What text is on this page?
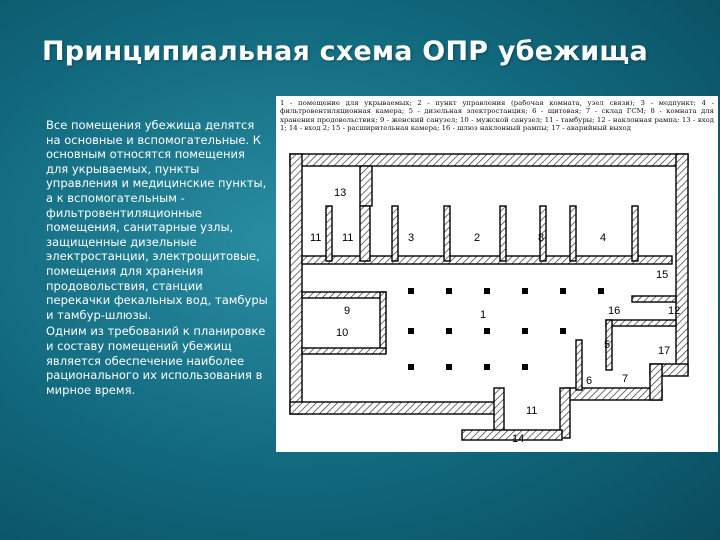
Принципиальная схема ОПР убежища

Все помещения убежища делятся на основные и вспомогательные. К основным относятся помещения для укрываемых, пункты управления и медицинские пункты, а к вспомогательным - фильтровентиляционные помещения, санитарные узлы, защищенные дизельные электростанции, электрощитовые, помещения для хранения продовольствия, станции перекачки фекальных вод, тамбуры и тамбур-шлюзы.

Одним из требований к планировке и составу помещений убежищ является обеспечение наиболее рационального их использования в мирное время.

1 - помещение для укрываемых; 2 - пункт управления (рабочая комната, узел связи); 3 - медпункт; 4 - фильтровентиляционная камера; 5 - дизельная электростанция; 6 - щитовая; 7 - склад ГСМ; 8 - комната для хранения продовольствия; 9 - женский санузел; 10 - мужской санузел; 11 - тамбуры; 12 - наклонная рампа; 13 - вход 1; 14 - вход 2; 15 - расширительная камера; 16 - шлюз наклонный рампы; 17 - аварийный выход
13
11 11	3	2	8	4
15
1
9
10
16	12
17
5
6	7
11
14
